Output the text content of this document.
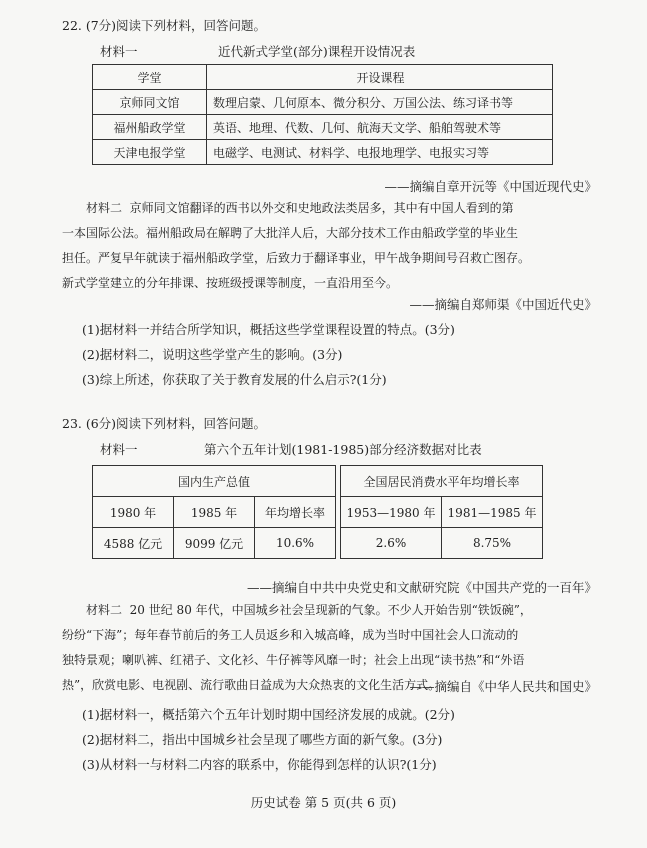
22. (7分)阅读下列材料，回答问题。
材料一	近代新式学堂(部分)课程开设情况表
学堂	开设课程
京师同文馆	数理启蒙、几何原本、微分积分、万国公法、练习译书等
福州船政学堂	英语、地理、代数、几何、航海天文学、船舶驾驶术等
天津电报学堂	电磁学、电测试、材料学、电报地理学、电报实习等
——摘编自章开沅等《中国近现代史》
材料二 京师同文馆翻译的西书以外交和史地政法类居多，其中有中国人看到的第
一本国际公法。福州船政局在解聘了大批洋人后，大部分技术工作由船政学堂的毕业生
担任。严复早年就读于福州船政学堂，后致力于翻译事业，甲午战争期间号召救亡图存。
新式学堂建立的分年排课、按班级授课等制度，一直沿用至今。
——摘编自郑师渠《中国近代史》
(1)据材料一并结合所学知识，概括这些学堂课程设置的特点。(3分)
(2)据材料二，说明这些学堂产生的影响。(3分)
(3)综上所述，你获取了关于教育发展的什么启示?(1分)
23. (6分)阅读下列材料，回答问题。
材料一	第六个五年计划(1981-1985)部分经济数据对比表
国内生产总值		
1980 年	1985 年	年均增长率
4588 亿元	9099 亿元	10.6%
全国居民消费水平年均增长率	
1953—1980 年	1981—1985 年
2.6%	8.75%
——摘编自中共中央党史和文献研究院《中国共产党的一百年》
材料二 20 世纪 80 年代，中国城乡社会呈现新的气象。不少人开始告别“铁饭碗”，
纷纷“下海”；每年春节前后的务工人员返乡和入城高峰，成为当时中国社会人口流动的
独特景观；喇叭裤、红裙子、文化衫、牛仔裤等风靡一时；社会上出现“读书热”和“外语
热”，欣赏电影、电视剧、流行歌曲日益成为大众热衷的文化生活方式。
——摘编自《中华人民共和国史》
(1)据材料一，概括第六个五年计划时期中国经济发展的成就。(2分)
(2)据材料二，指出中国城乡社会呈现了哪些方面的新气象。(3分)
(3)从材料一与材料二内容的联系中，你能得到怎样的认识?(1分)
历史试卷 第 5 页(共 6 页)
